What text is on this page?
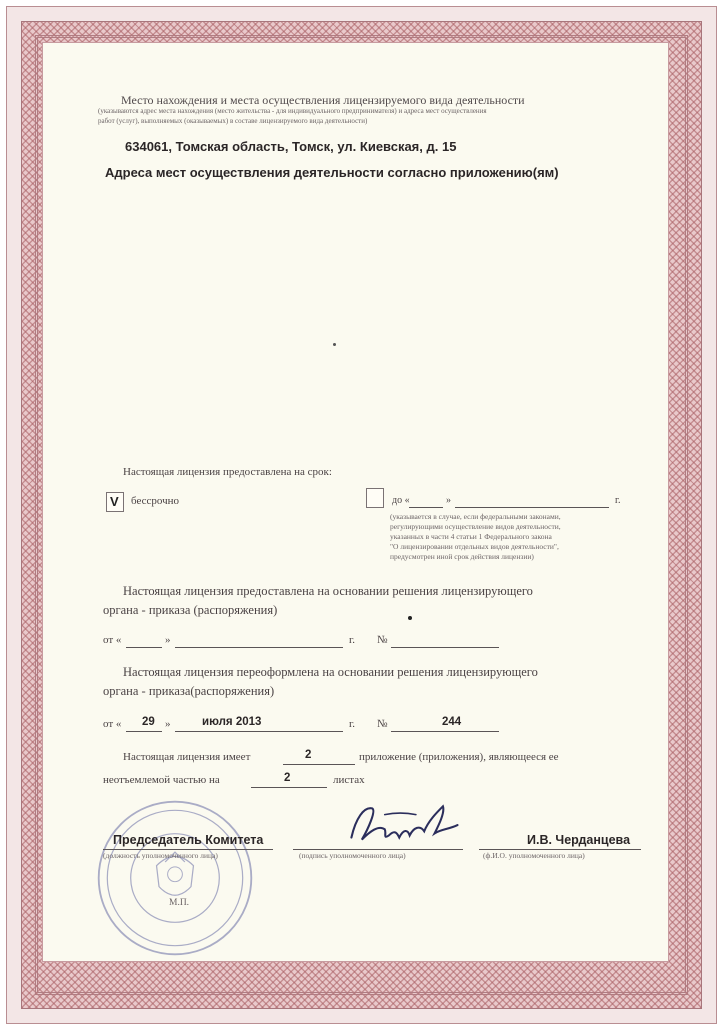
Место нахождения и места осуществления лицензируемого вида деятельности
(указываются адрес места нахождения (место жительства - для индивидуального предпринимателя) и адреса мест осуществления
работ (услуг), выполняемых (оказываемых) в составе лицензируемого вида деятельности)
634061, Томская область, Томск, ул. Киевская, д. 15
Адреса мест осуществления деятельности согласно приложению(ям)
Настоящая лицензия предоставлена на срок:
V бессрочно	до «	»	г.
(указывается в случае, если федеральными законами,
регулирующими осуществление видов деятельности,
указанных в части 4 статьи 1 Федерального закона
"О лицензировании отдельных видов деятельности",
предусмотрен иной срок действия лицензии)
Настоящая лицензия предоставлена на основании решения лицензирующего
органа - приказа (распоряжения)
от «	»	г. №
Настоящая лицензия переоформлена на основании решения лицензирующего
органа - приказа(распоряжения)
от « 29 »	июля 2013	г. №	244
Настоящая лицензия имеет	2	приложение (приложения), являющееся ее
неотъемлемой частью на	2	листах
М.П.
Председатель Комитета
(должность уполномоченного лица)	(подпись уполномоченного лица)
И.В. Черданцева
(ф.И.О. уполномоченного лица)
